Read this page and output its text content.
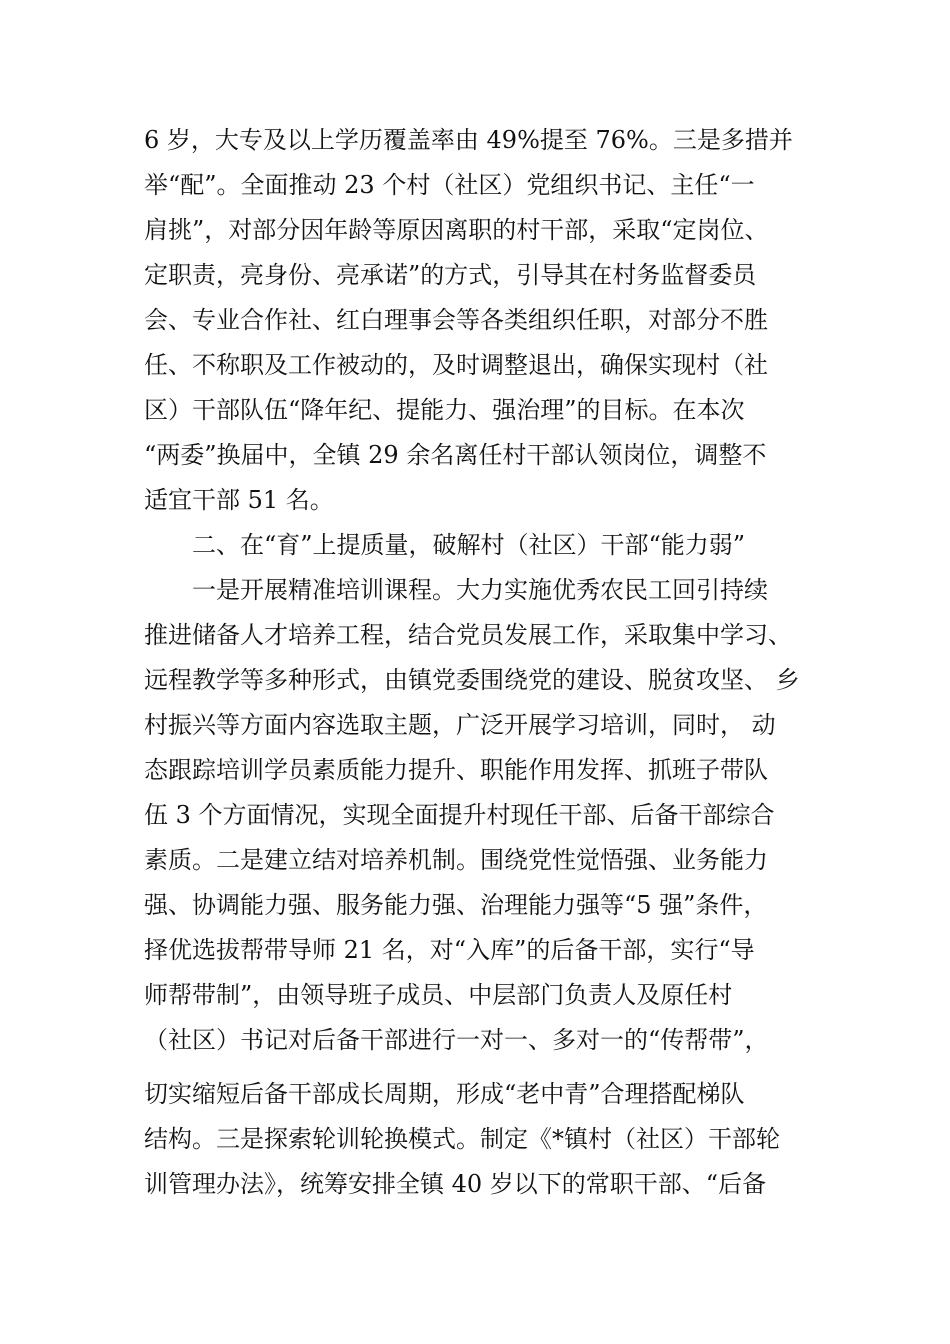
6 岁，大专及以上学历覆盖率由 49%提至 76%。三是多措并
举“配”。全面推动 23 个村（社区）党组织书记、主任“一
肩挑”，对部分因年龄等原因离职的村干部，采取“定岗位、
定职责，亮身份、亮承诺”的方式，引导其在村务监督委员
会、专业合作社、红白理事会等各类组织任职，对部分不胜
任、不称职及工作被动的，及时调整退出，确保实现村（社
区）干部队伍“降年纪、提能力、强治理”的目标。在本次
“两委”换届中，全镇 29 余名离任村干部认领岗位，调整不
适宜干部 51 名。
　　二、在“育”上提质量，破解村（社区）干部“能力弱”
　　一是开展精准培训课程。大力实施优秀农民工回引持续
推进储备人才培养工程，结合党员发展工作，采取集中学习、
远程教学等多种形式，由镇党委围绕党的建设、脱贫攻坚、 乡
村振兴等方面内容选取主题，广泛开展学习培训，同时， 动
态跟踪培训学员素质能力提升、职能作用发挥、抓班子带队
伍 3 个方面情况，实现全面提升村现任干部、后备干部综合
素质。二是建立结对培养机制。围绕党性觉悟强、业务能力
强、协调能力强、服务能力强、治理能力强等“5 强”条件，
择优选拔帮带导师 21 名，对“入库”的后备干部，实行“导
师帮带制”，由领导班子成员、中层部门负责人及原任村
（社区）书记对后备干部进行一对一、多对一的“传帮带”，
切实缩短后备干部成长周期，形成“老中青”合理搭配梯队
结构。三是探索轮训轮换模式。制定《*镇村（社区）干部轮
训管理办法》，统筹安排全镇 40 岁以下的常职干部、“后备
